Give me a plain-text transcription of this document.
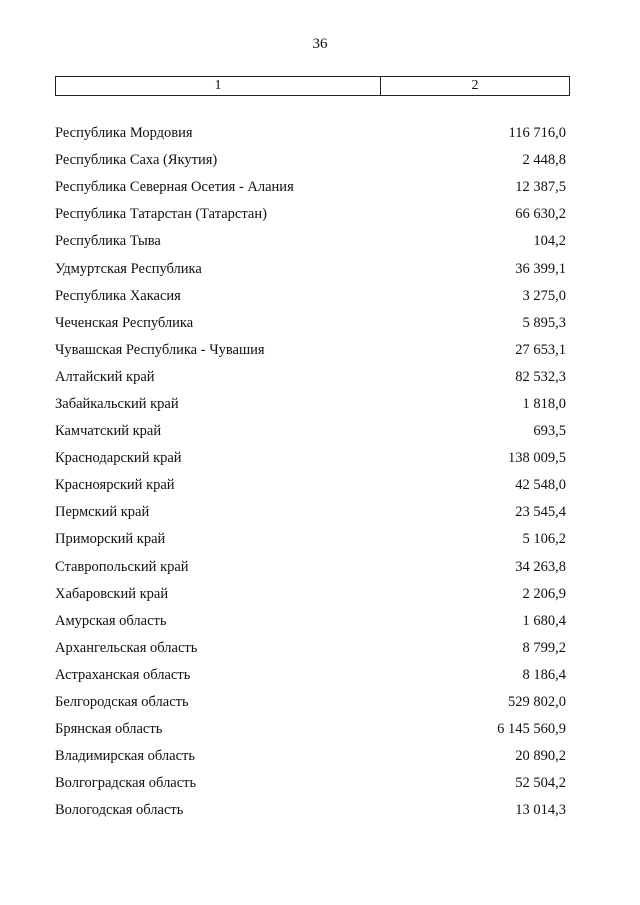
36
1	2
Республика Мордовия	116 716,0
Республика Саха (Якутия)	2 448,8
Республика Северная Осетия - Алания	12 387,5
Республика Татарстан (Татарстан)	66 630,2
Республика Тыва	104,2
Удмуртская Республика	36 399,1
Республика Хакасия	3 275,0
Чеченская Республика	5 895,3
Чувашская Республика - Чувашия	27 653,1
Алтайский край	82 532,3
Забайкальский край	1 818,0
Камчатский край	693,5
Краснодарский край	138 009,5
Красноярский край	42 548,0
Пермский край	23 545,4
Приморский край	5 106,2
Ставропольский край	34 263,8
Хабаровский край	2 206,9
Амурская область	1 680,4
Архангельская область	8 799,2
Астраханская область	8 186,4
Белгородская область	529 802,0
Брянская область	6 145 560,9
Владимирская область	20 890,2
Волгоградская область	52 504,2
Вологодская область	13 014,3
